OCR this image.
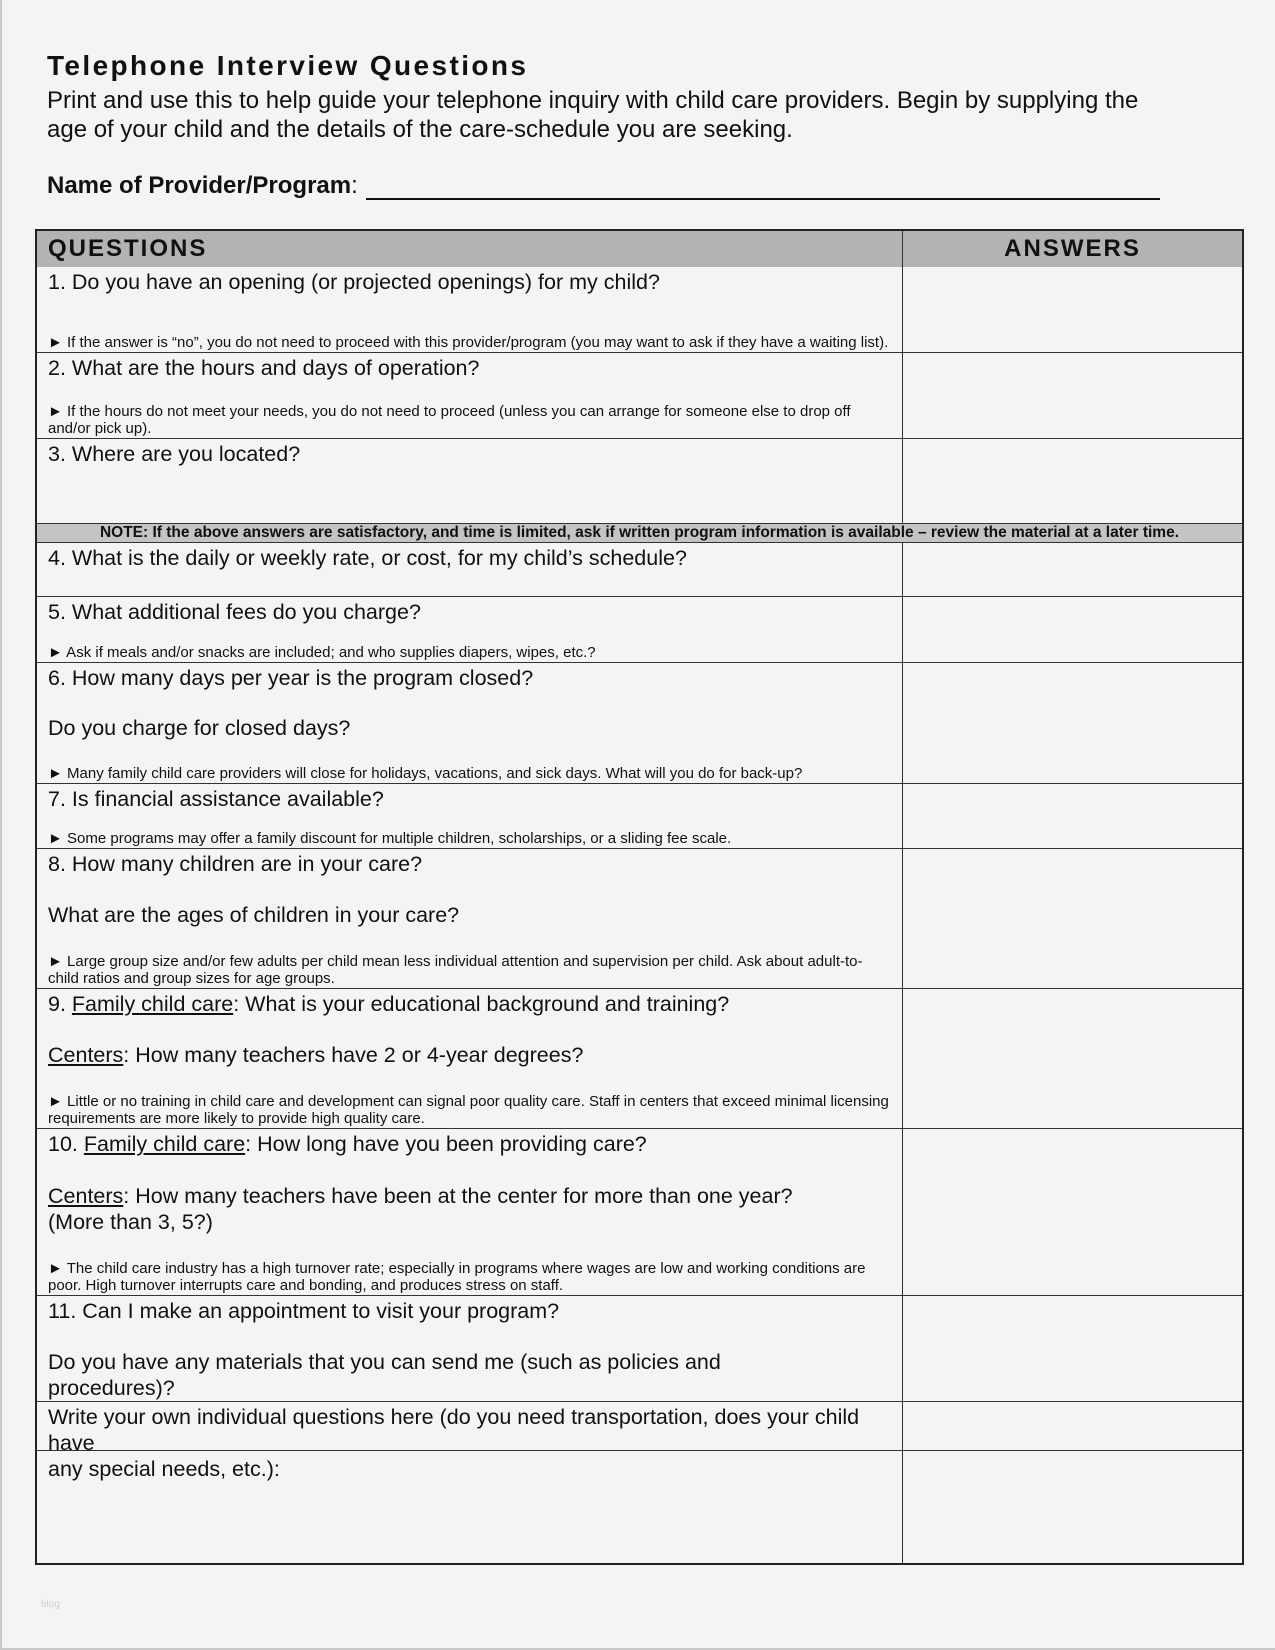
Telephone Interview Questions
Print and use this to help guide your telephone inquiry with child care providers. Begin by supplying the
age of your child and the details of the care-schedule you are seeking.
Name of Provider/Program :
QUESTIONS	ANSWERS
1. Do you have an opening (or projected openings) for my child?
► If the answer is “no”, you do not need to proceed with this provider/program (you may want to ask if they have a waiting list).
2. What are the hours and days of operation?
► If the hours do not meet your needs, you do not need to proceed (unless you can arrange for someone else to drop off and/or pick up).
3. Where are you located?
NOTE: If the above answers are satisfactory, and time is limited, ask if written program information is available – review the material at a later time.
4. What is the daily or weekly rate, or cost, for my child’s schedule?
5. What additional fees do you charge?
► Ask if meals and/or snacks are included; and who supplies diapers, wipes, etc.?
6. How many days per year is the program closed?
Do you charge for closed days?
► Many family child care providers will close for holidays, vacations, and sick days. What will you do for back-up?
7. Is financial assistance available?
► Some programs may offer a family discount for multiple children, scholarships, or a sliding fee scale.
8. How many children are in your care?
What are the ages of children in your care?
► Large group size and/or few adults per child mean less individual attention and supervision per child. Ask about adult-to-child ratios and group sizes for age groups.
9. Family child care: What is your educational background and training?
Centers: How many teachers have 2 or 4-year degrees?
► Little or no training in child care and development can signal poor quality care. Staff in centers that exceed minimal licensing requirements are more likely to provide high quality care.
10. Family child care: How long have you been providing care?
Centers: How many teachers have been at the center for more than one year?
(More than 3, 5?)
► The child care industry has a high turnover rate; especially in programs where wages are low and working conditions are poor. High turnover interrupts care and bonding, and produces stress on staff.
11. Can I make an appointment to visit your program?
Do you have any materials that you can send me (such as policies and
procedures)?
Write your own individual questions here (do you need transportation, does your child have
any special needs, etc.):
blog
